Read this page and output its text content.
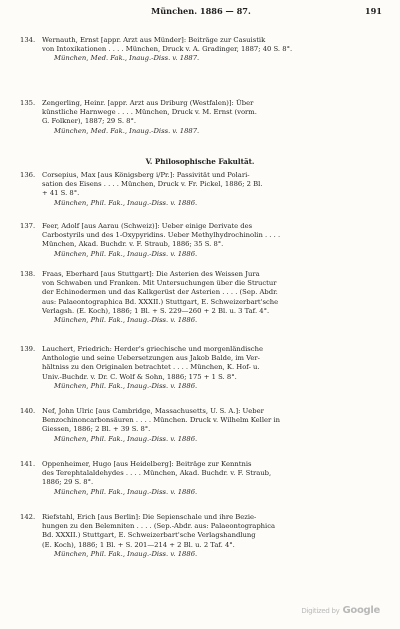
München. 1886 — 87.	191
134.	Wernauth, Ernst [appr. Arzt aus Münder]: Beiträge zur Casuistik
von Intoxikationen . . . . München, Druck v. A. Gradinger, 1887; 40 S. 8°.
München, Med. Fak., Inaug.-Diss. v. 1887.
135.	Zengerling, Heinr. [appr. Arzt aus Driburg (Westfalen)]: Über
künstliche Harnwege . . . . München, Druck v. M. Ernst (vorm.
G. Folkner), 1887; 29 S. 8°.
München, Med. Fak., Inaug.-Diss. v. 1887.
V. Philosophische Fakultät.
136.	Corsepius, Max [aus Königsberg i/Pr.]: Passivität und Polari-
sation des Eisens . . . . München, Druck v. Fr. Pickel, 1886; 2 Bl.
+ 41 S. 8°.
München, Phil. Fak., Inaug.-Diss. v. 1886.
137.	Feer, Adolf [aus Aarau (Schweiz)]: Ueber einige Derivate des
Carbostyrils und des 1-Oxypyridins. Ueber Methylhydrochinolin . . . .
München, Akad. Buchdr. v. F. Straub, 1886; 35 S. 8°.
München, Phil. Fak., Inaug.-Diss. v. 1886.
138.	Fraas, Eberhard [aus Stuttgart]: Die Asterien des Weissen Jura
von Schwaben und Franken. Mit Untersuchungen über die Structur
der Echinodermen und das Kalkgerüst der Asterien . . . . (Sep. Abdr.
aus: Palaeontographica Bd. XXXII.) Stuttgart, E. Schweizerbart'sche
Verlagsh. (E. Koch), 1886; 1 Bl. + S. 229—260 + 2 Bl. u. 3 Taf. 4°.
München, Phil. Fak., Inaug.-Diss. v. 1886.
139.	Lauchert, Friedrich: Herder's griechische und morgenländische
Anthologie und seine Uebersetzungen aus Jakob Balde, im Ver-
hältniss zu den Originalen betrachtet . . . . München, K. Hof- u.
Univ.-Buchdr. v. Dr. C. Wolf & Sohn, 1886; 175 + 1 S. 8°.
München, Phil. Fak., Inaug.-Diss. v. 1886.
140.	Nef, John Ulric [aus Cambridge, Massachusetts, U. S. A.]: Ueber
Benzochinoncarbonsäuren . . . . München. Druck v. Wilhelm Keller in
Giessen, 1886; 2 Bl. + 39 S. 8°.
München, Phil. Fak., Inaug.-Diss. v. 1886.
141.	Oppenheimer, Hugo [aus Heidelberg]: Beiträge zur Kenntnis
des Terephtalaldehydes . . . . München, Akad. Buchdr. v. F. Straub,
1886; 29 S. 8°.
München, Phil. Fak., Inaug.-Diss. v. 1886.
142.	Riefstahl, Erich [aus Berlin]: Die Sepienschale und ihre Bezie-
hungen zu den Belemniten . . . . (Sep.-Abdr. aus: Palaeontographica
Bd. XXXII.) Stuttgart, E. Schweizerbart'sche Verlagshandlung
(E. Koch), 1886; 1 Bl. + S. 201—214 + 2 Bl. u. 2 Taf. 4°.
München, Phil. Fak., Inaug.-Diss. v. 1886.
Digitized by Google
